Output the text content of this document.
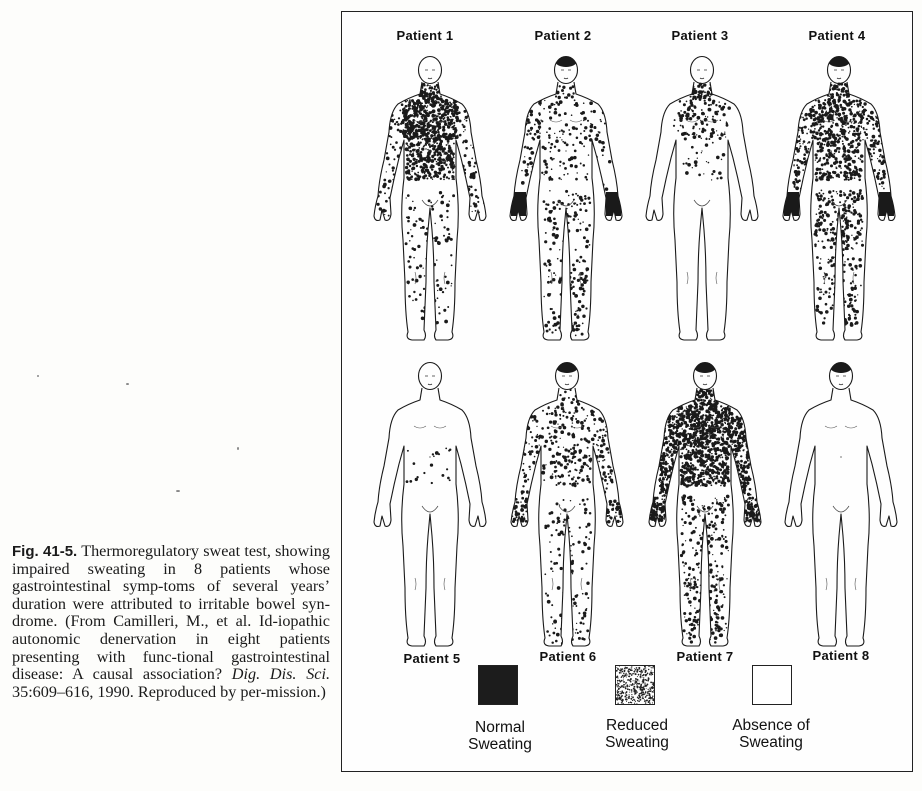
Fig. 41-5. Thermoregulatory sweat test, showing impaired sweating in 8 patients whose gastrointestinal symp-toms of several years’ duration were attributed to irritable bowel syn-drome. (From Camilleri, M., et al. Id-iopathic autonomic denervation in eight patients presenting with func-tional gastrointestinal disease: A causal association? Dig. Dis. Sci. 35:609–616, 1990. Reproduced by per-mission.)
Patient 1	Patient 2	Patient 3	Patient 4
Patient 5	Patient 6	Patient 7	Patient 8
Normal
Sweating
Reduced
Sweating
Absence of
Sweating
